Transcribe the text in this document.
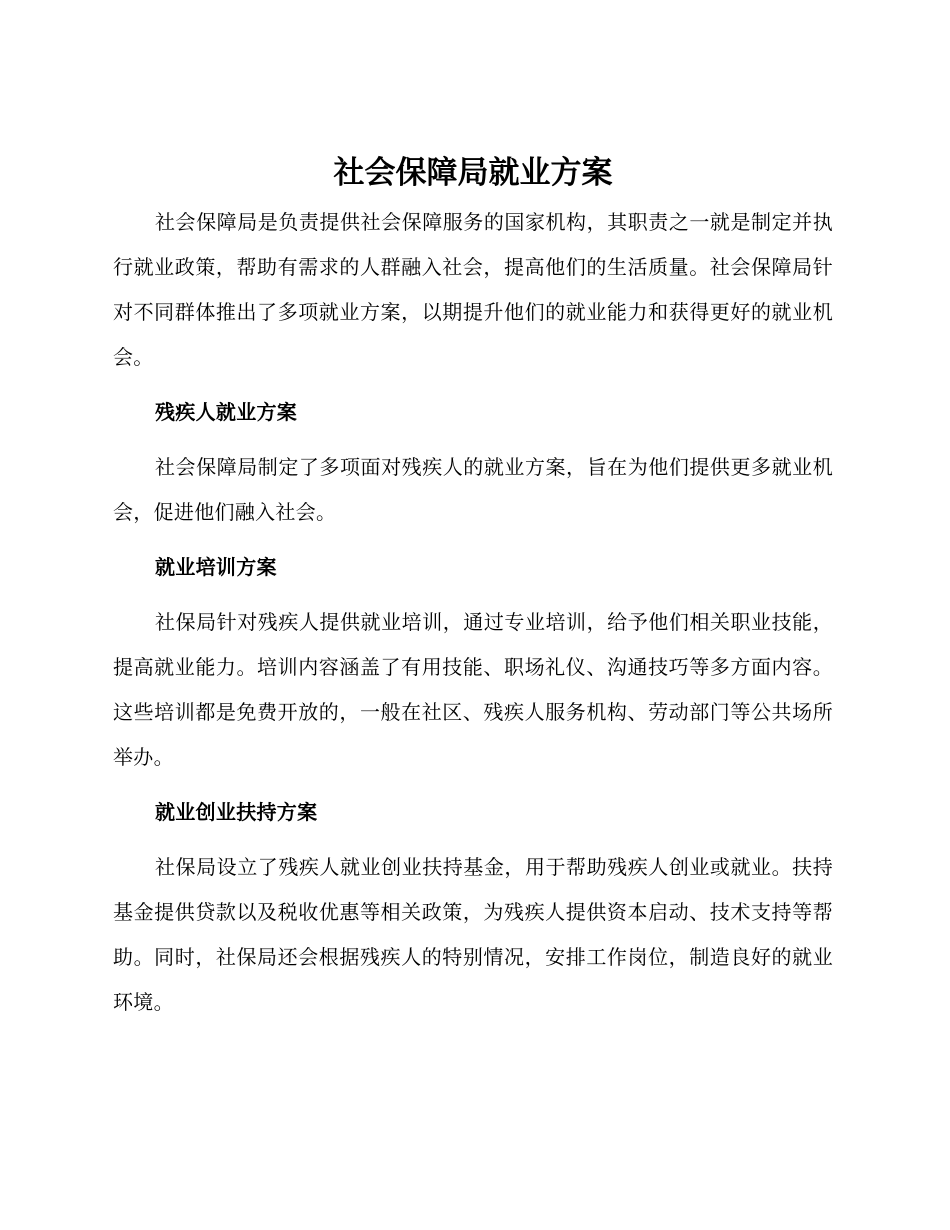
社会保障局就业方案

社会保障局是负责提供社会保障服务的国家机构，其职责之一就是制定并执行就业政策，帮助有需求的人群融入社会，提高他们的生活质量。社会保障局针对不同群体推出了多项就业方案，以期提升他们的就业能力和获得更好的就业机会。

残疾人就业方案

社会保障局制定了多项面对残疾人的就业方案，旨在为他们提供更多就业机会，促进他们融入社会。

就业培训方案

社保局针对残疾人提供就业培训，通过专业培训，给予他们相关职业技能，提高就业能力。培训内容涵盖了有用技能、职场礼仪、沟通技巧等多方面内容。这些培训都是免费开放的，一般在社区、残疾人服务机构、劳动部门等公共场所举办。

就业创业扶持方案

社保局设立了残疾人就业创业扶持基金，用于帮助残疾人创业或就业。扶持基金提供贷款以及税收优惠等相关政策，为残疾人提供资本启动、技术支持等帮助。同时，社保局还会根据残疾人的特别情况，安排工作岗位，制造良好的就业环境。
